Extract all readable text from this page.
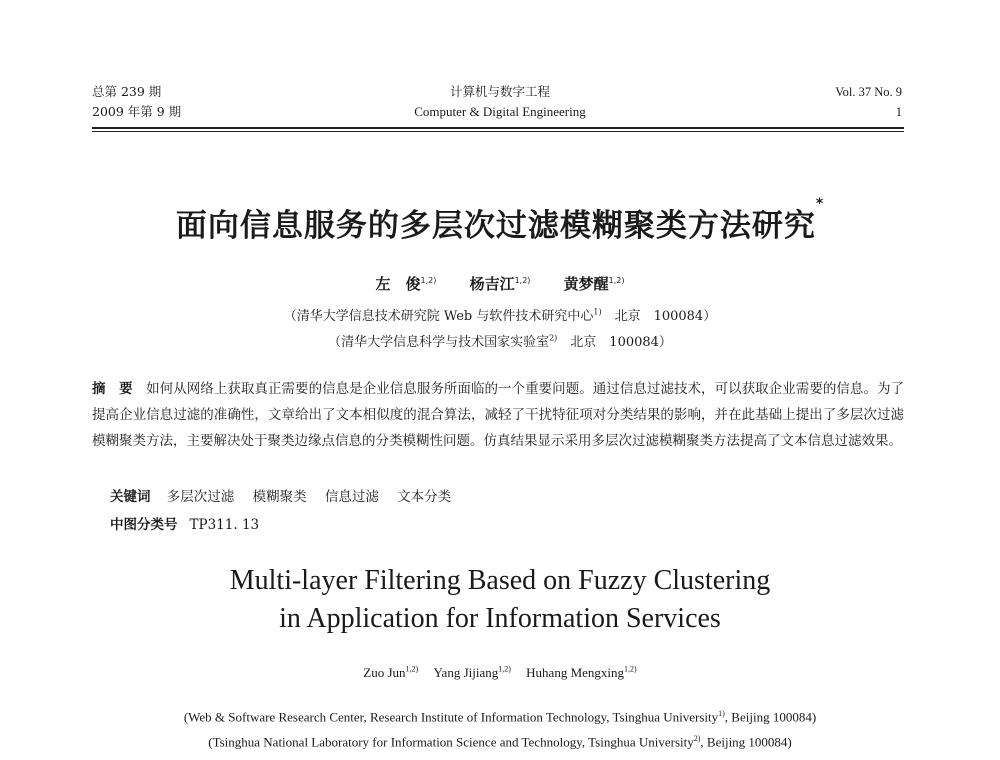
总第 239 期
2009 年第 9 期
计算机与数字工程
Computer & Digital Engineering
Vol. 37 No. 9
1
面向信息服务的多层次过滤模糊聚类方法研究*
左　俊$^{1,2)}$ 杨吉江$^{1,2)}$ 黄梦醒$^{1,2)}$
（清华大学信息技术研究院 Web 与软件技术研究中心$^{1)}$　北京　100084）
（清华大学信息科学与技术国家实验室$^{2)}$　北京　100084）
摘　要　 如何从网络上获取真正需要的信息是企业信息服务所面临的一个重要问题。通过信息过滤技术，可以获取企业需要的信息。为了提高企业信息过滤的准确性，文章给出了文本相似度的混合算法，减轻了干扰特征项对分类结果的影响，并在此基础上提出了多层次过滤模糊聚类方法，主要解决处于聚类边缘点信息的分类模糊性问题。仿真结果显示采用多层次过滤模糊聚类方法提高了文本信息过滤效果。
关键词 多层次过滤 模糊聚类 信息过滤 文本分类
中图分类号 TP311. 13
Multi-layer Filtering Based on Fuzzy Clustering
in Application for Information Services
Zuo Jun$^{1,2)}$ Yang Jijiang$^{1,2)}$ Huhang Mengxing$^{1,2)}$
(Web & Software Research Center, Research Institute of Information Technology, Tsinghua University$^{1)}$, Beijing 100084)
(Tsinghua National Laboratory for Information Science and Technology, Tsinghua University$^{2)}$, Beijing 100084)
